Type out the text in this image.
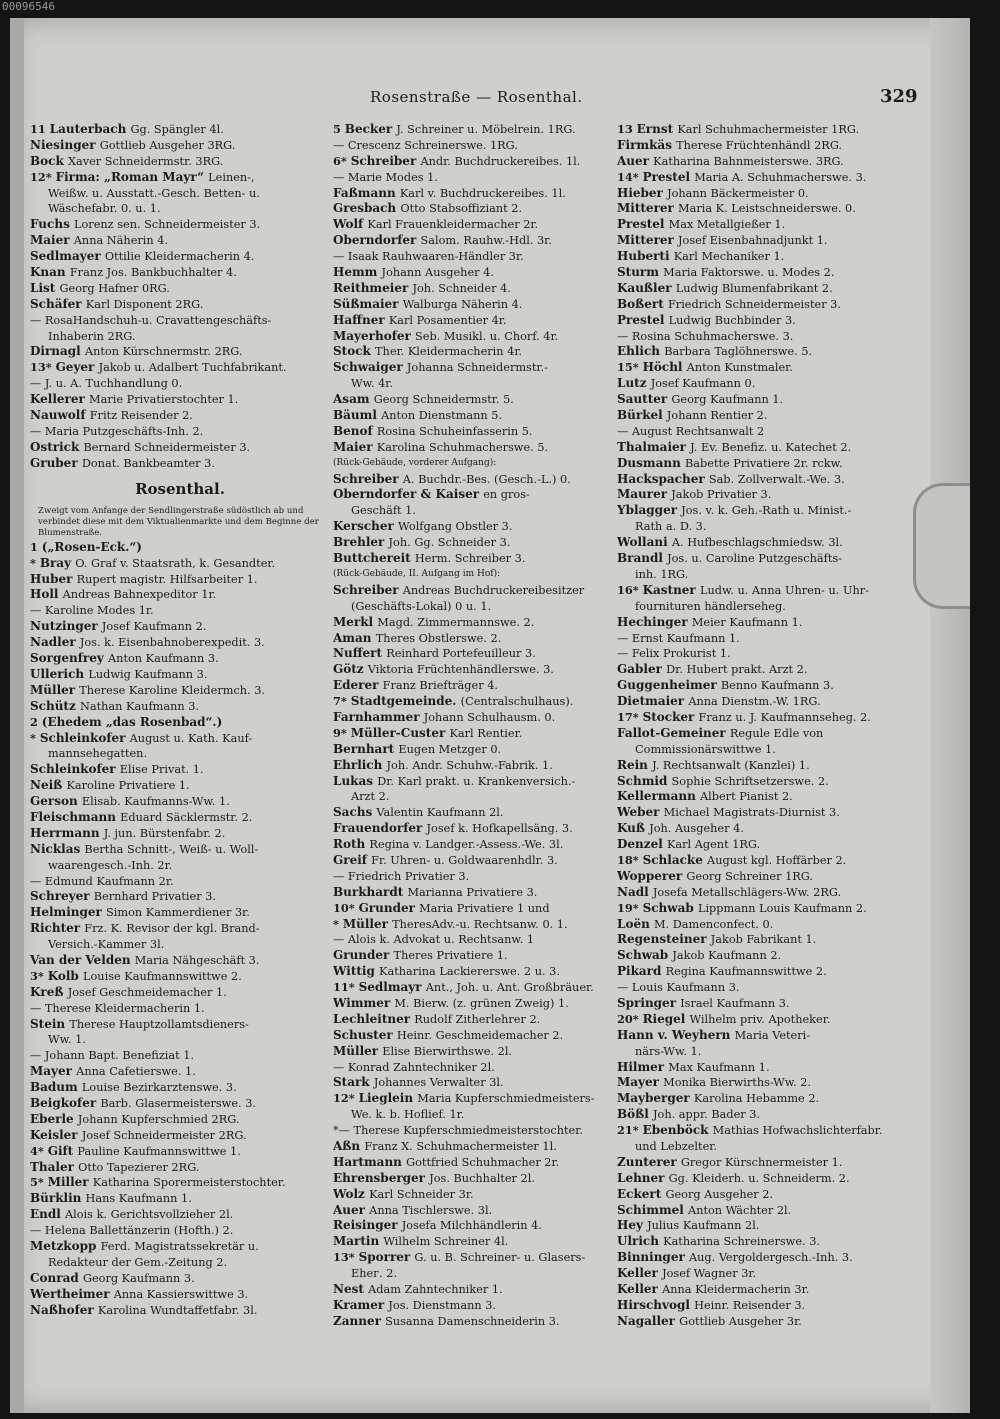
00096546
Rosenstraße — Rosenthal.	329
11 Lauterbach Gg. Spängler 4l.
Niesinger Gottlieb Ausgeher 3RG.
Bock Xaver Schneidermstr. 3RG.
12* Firma: „Roman Mayr“ Leinen-,
Weißw. u. Ausstatt.-Gesch. Betten- u.
Wäschefabr. 0. u. 1.
Fuchs Lorenz sen. Schneidermeister 3.
Maier Anna Näherin 4.
Sedlmayer Ottilie Kleidermacherin 4.
Knan Franz Jos. Bankbuchhalter 4.
List Georg Hafner 0RG.
Schäfer Karl Disponent 2RG.
— RosaHandschuh-u. Cravattengeschäfts-
Inhaberin 2RG.
Dirnagl Anton Kürschnermstr. 2RG.
13* Geyer Jakob u. Adalbert Tuchfabrikant.
— J. u. A. Tuchhandlung 0.
Kellerer Marie Privatierstochter 1.
Nauwolf Fritz Reisender 2.
— Maria Putzgeschäfts-Inh. 2.
Ostrick Bernard Schneidermeister 3.
Gruber Donat. Bankbeamter 3.
Rosenthal.
Zweigt vom Anfange der Sendlingerstraße südöstlich ab und verbindet diese mit dem Viktualienmarkte und dem Beginne der Blumenstraße.
1 („Rosen-Eck.“)
* Bray O. Graf v. Staatsrath, k. Gesandter.
Huber Rupert magistr. Hilfsarbeiter 1.
Holl Andreas Bahnexpeditor 1r.
— Karoline Modes 1r.
Nutzinger Josef Kaufmann 2.
Nadler Jos. k. Eisenbahnoberexpedit. 3.
Sorgenfrey Anton Kaufmann 3.
Ullerich Ludwig Kaufmann 3.
Müller Therese Karoline Kleidermch. 3.
Schütz Nathan Kaufmann 3.
2 (Ehedem „das Rosenbad“.)
* Schleinkofer August u. Kath. Kauf-
mannsehegatten.
Schleinkofer Elise Privat. 1.
Neiß Karoline Privatiere 1.
Gerson Elisab. Kaufmanns-Ww. 1.
Fleischmann Eduard Säcklermstr. 2.
Herrmann J. jun. Bürstenfabr. 2.
Nicklas Bertha Schnitt-, Weiß- u. Woll-
waarengesch.-Inh. 2r.
— Edmund Kaufmann 2r.
Schreyer Bernhard Privatier 3.
Helminger Simon Kammerdiener 3r.
Richter Frz. K. Revisor der kgl. Brand-
Versich.-Kammer 3l.
Van der Velden Maria Nähgeschäft 3.
3* Kolb Louise Kaufmannswittwe 2.
Kreß Josef Geschmeidemacher 1.
— Therese Kleidermacherin 1.
Stein Therese Hauptzollamtsdieners-
Ww. 1.
— Johann Bapt. Benefiziat 1.
Mayer Anna Cafetierswe. 1.
Badum Louise Bezirkarztenswe. 3.
Beigkofer Barb. Glasermeisterswe. 3.
Eberle Johann Kupferschmied 2RG.
Keisler Josef Schneidermeister 2RG.
4* Gift Pauline Kaufmannswittwe 1.
Thaler Otto Tapezierer 2RG.
5* Miller Katharina Sporermeisterstochter.
Bürklin Hans Kaufmann 1.
Endl Alois k. Gerichtsvollzieher 2l.
— Helena Ballettänzerin (Hofth.) 2.
Metzkopp Ferd. Magistratssekretär u.
Redakteur der Gem.-Zeitung 2.
Conrad Georg Kaufmann 3.
Wertheimer Anna Kassierswittwe 3.
Naßhofer Karolina Wundtaffetfabr. 3l.
5 Becker J. Schreiner u. Möbelrein. 1RG.
— Crescenz Schreinerswe. 1RG.
6* Schreiber Andr. Buchdruckereibes. 1l.
— Marie Modes 1.
Faßmann Karl v. Buchdruckereibes. 1l.
Gresbach Otto Stabsoffiziant 2.
Wolf Karl Frauenkleidermacher 2r.
Oberndorfer Salom. Rauhw.-Hdl. 3r.
— Isaak Rauhwaaren-Händler 3r.
Hemm Johann Ausgeher 4.
Reithmeier Joh. Schneider 4.
Süßmaier Walburga Näherin 4.
Haffner Karl Posamentier 4r.
Mayerhofer Seb. Musikl. u. Chorf. 4r.
Stock Ther. Kleidermacherin 4r.
Schwaiger Johanna Schneidermstr.-
Ww. 4r.
Asam Georg Schneidermstr. 5.
Bäuml Anton Dienstmann 5.
Benof Rosina Schuheinfasserin 5.
Maier Karolina Schuhmacherswe. 5.
(Rück-Gebäude, vorderer Aufgang):
Schreiber A. Buchdr.-Bes. (Gesch.-L.) 0.
Oberndorfer & Kaiser en gros-
Geschäft 1.
Kerscher Wolfgang Obstler 3.
Brehler Joh. Gg. Schneider 3.
Buttchereit Herm. Schreiber 3.
(Rück-Gebäude, II. Aufgang im Hof):
Schreiber Andreas Buchdruckereibesitzer
(Geschäfts-Lokal) 0 u. 1.
Merkl Magd. Zimmermannswe. 2.
Aman Theres Obstlerswe. 2.
Nuffert Reinhard Portefeuilleur 3.
Götz Viktoria Früchtenhändlerswe. 3.
Ederer Franz Briefträger 4.
7* Stadtgemeinde. (Centralschulhaus).
Farnhammer Johann Schulhausm. 0.
9* Müller-Custer Karl Rentier.
Bernhart Eugen Metzger 0.
Ehrlich Joh. Andr. Schuhw.-Fabrik. 1.
Lukas Dr. Karl prakt. u. Krankenversich.-
Arzt 2.
Sachs Valentin Kaufmann 2l.
Frauendorfer Josef k. Hofkapellsäng. 3.
Roth Regina v. Landger.-Assess.-We. 3l.
Greif Fr. Uhren- u. Goldwaarenhdlr. 3.
— Friedrich Privatier 3.
Burkhardt Marianna Privatiere 3.
10* Grunder Maria Privatiere 1 und
* Müller TheresAdv.-u. Rechtsanw. 0. 1.
— Alois k. Advokat u. Rechtsanw. 1
Grunder Theres Privatiere 1.
Wittig Katharina Lackiererswe. 2 u. 3.
11* Sedlmayr Ant., Joh. u. Ant. Großbräuer.
Wimmer M. Bierw. (z. grünen Zweig) 1.
Lechleitner Rudolf Zitherlehrer 2.
Schuster Heinr. Geschmeidemacher 2.
Müller Elise Bierwirthswe. 2l.
— Konrad Zahntechniker 2l.
Stark Johannes Verwalter 3l.
12* Lieglein Maria Kupferschmiedmeisters-
We. k. b. Hoflief. 1r.
*— Therese Kupferschmiedmeisterstochter.
Aßn Franz X. Schuhmachermeister 1l.
Hartmann Gottfried Schuhmacher 2r.
Ehrensberger Jos. Buchhalter 2l.
Wolz Karl Schneider 3r.
Auer Anna Tischlerswe. 3l.
Reisinger Josefa Milchhändlerin 4.
Martin Wilhelm Schreiner 4l.
13* Sporrer G. u. B. Schreiner- u. Glasers-
Ehег. 2.
Nest Adam Zahntechniker 1.
Kramer Jos. Dienstmann 3.
Zanner Susanna Damenschneiderin 3.
13 Ernst Karl Schuhmachermeister 1RG.
Firmkäs Therese Früchtenhändl 2RG.
Auer Katharina Bahnmeisterswe. 3RG.
14* Prestel Maria A. Schuhmacherswe. 3.
Hieber Johann Bäckermeister 0.
Mitterer Maria K. Leistschneiderswe. 0.
Prestel Max Metallgießer 1.
Mitterer Josef Eisenbahnadjunkt 1.
Huberti Karl Mechaniker 1.
Sturm Maria Faktorswe. u. Modes 2.
Kaußler Ludwig Blumenfabrikant 2.
Boßert Friedrich Schneidermeister 3.
Prestel Ludwig Buchbinder 3.
— Rosina Schuhmacherswe. 3.
Ehlich Barbara Taglöhnerswe. 5.
15* Höchl Anton Kunstmaler.
Lutz Josef Kaufmann 0.
Sautter Georg Kaufmann 1.
Bürkel Johann Rentier 2.
— August Rechtsanwalt 2
Thalmaier J. Ev. Benefiz. u. Katechet 2.
Dusmann Babette Privatiere 2r. rckw.
Hackspacher Sab. Zollverwalt.-We. 3.
Maurer Jakob Privatier 3.
Yblagger Jos. v. k. Geh.-Rath u. Minist.-
Rath a. D. 3.
Wollani A. Hufbeschlagschmiedsw. 3l.
Brandl Jos. u. Caroline Putzgeschäfts-
inh. 1RG.
16* Kastner Ludw. u. Anna Uhren- u. Uhr-
fournituren händlerseheg.
Hechinger Meier Kaufmann 1.
— Ernst Kaufmann 1.
— Felix Prokurist 1.
Gabler Dr. Hubert prakt. Arzt 2.
Guggenheimer Benno Kaufmann 3.
Dietmaier Anna Dienstm.-W. 1RG.
17* Stocker Franz u. J. Kaufmannseheg. 2.
Fallot-Gemeiner Regule Edle von
Commissionärswittwe 1.
Rein J. Rechtsanwalt (Kanzlei) 1.
Schmid Sophie Schriftsetzerswe. 2.
Kellermann Albert Pianist 2.
Weber Michael Magistrats-Diurnist 3.
Kuß Joh. Ausgeher 4.
Denzel Karl Agent 1RG.
18* Schlacke August kgl. Hoffärber 2.
Wopperer Georg Schreiner 1RG.
Nadl Josefa Metallschlägers-Ww. 2RG.
19* Schwab Lippmann Louis Kaufmann 2.
Loën M. Damenconfect. 0.
Regensteiner Jakob Fabrikant 1.
Schwab Jakob Kaufmann 2.
Pikard Regina Kaufmannswittwe 2.
— Louis Kaufmann 3.
Springer Israel Kaufmann 3.
20* Riegel Wilhelm priv. Apotheker.
Hann v. Weyhern Maria Veteri-
närs-Ww. 1.
Hilmer Max Kaufmann 1.
Mayer Monika Bierwirths-Ww. 2.
Mayberger Karolina Hebamme 2.
Bößl Joh. appr. Bader 3.
21* Ebenböck Mathias Hofwachslichterfabr.
und Lebzelter.
Zunterer Gregor Kürschnermeister 1.
Lehner Gg. Kleiderh. u. Schneiderm. 2.
Eckert Georg Ausgeher 2.
Schimmel Anton Wächter 2l.
Hey Julius Kaufmann 2l.
Ulrich Katharina Schreinerswe. 3.
Binninger Aug. Vergoldergesch.-Inh. 3.
Keller Josef Wagner 3r.
Keller Anna Kleidermacherin 3r.
Hirschvogl Heinr. Reisender 3.
Nagaller Gottlieb Ausgeher 3r.
